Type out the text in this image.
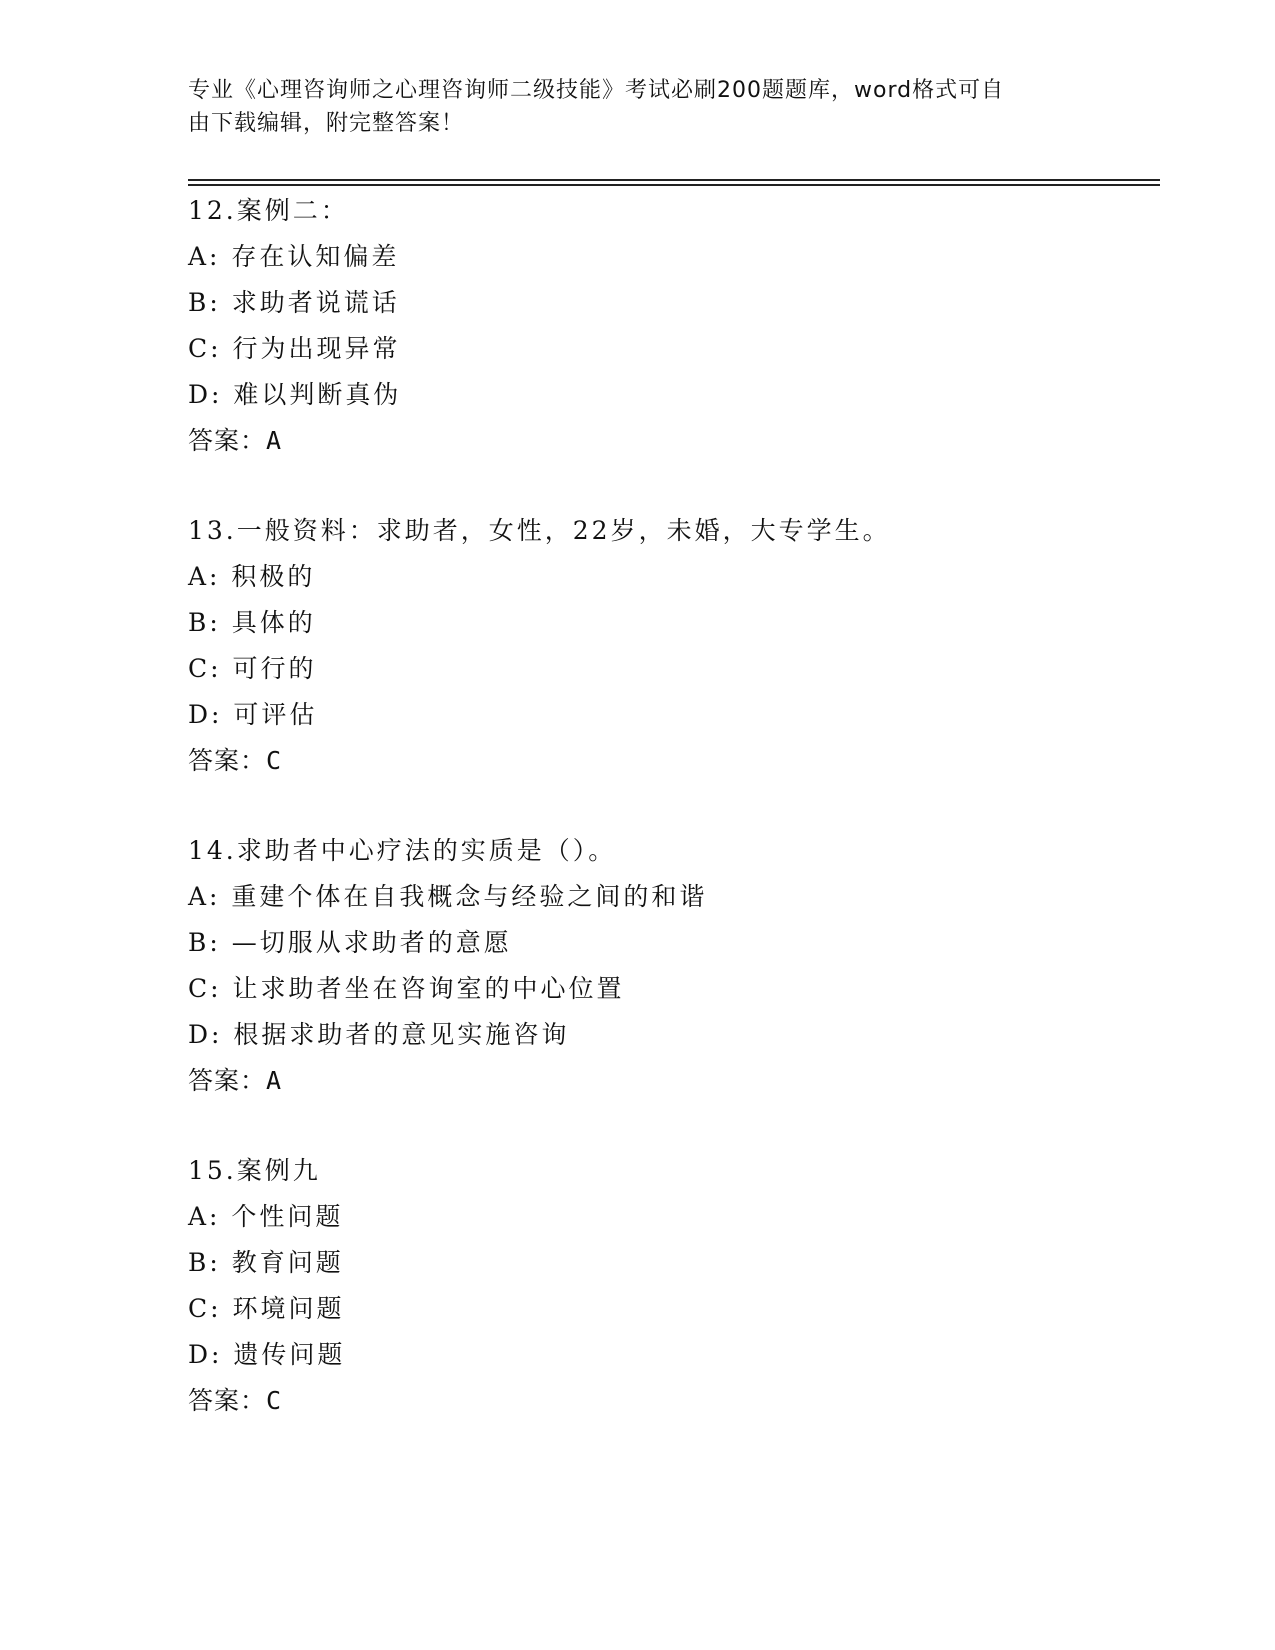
专业《心理咨询师之心理咨询师二级技能》考试必刷200题题库，word格式可自
由下载编辑，附完整答案！
12.案例二：
A: 存在认知偏差
B: 求助者说谎话
C: 行为出现异常
D: 难以判断真伪
答案：A
13.一般资料：求助者，女性，22岁，未婚，大专学生。
A: 积极的
B: 具体的
C: 可行的
D: 可评估
答案：C
14.求助者中心疗法的实质是（）。
A: 重建个体在自我概念与经验之间的和谐
B: —切服从求助者的意愿
C: 让求助者坐在咨询室的中心位置
D: 根据求助者的意见实施咨询
答案：A
15.案例九
A: 个性问题
B: 教育问题
C: 环境问题
D: 遗传问题
答案：C
